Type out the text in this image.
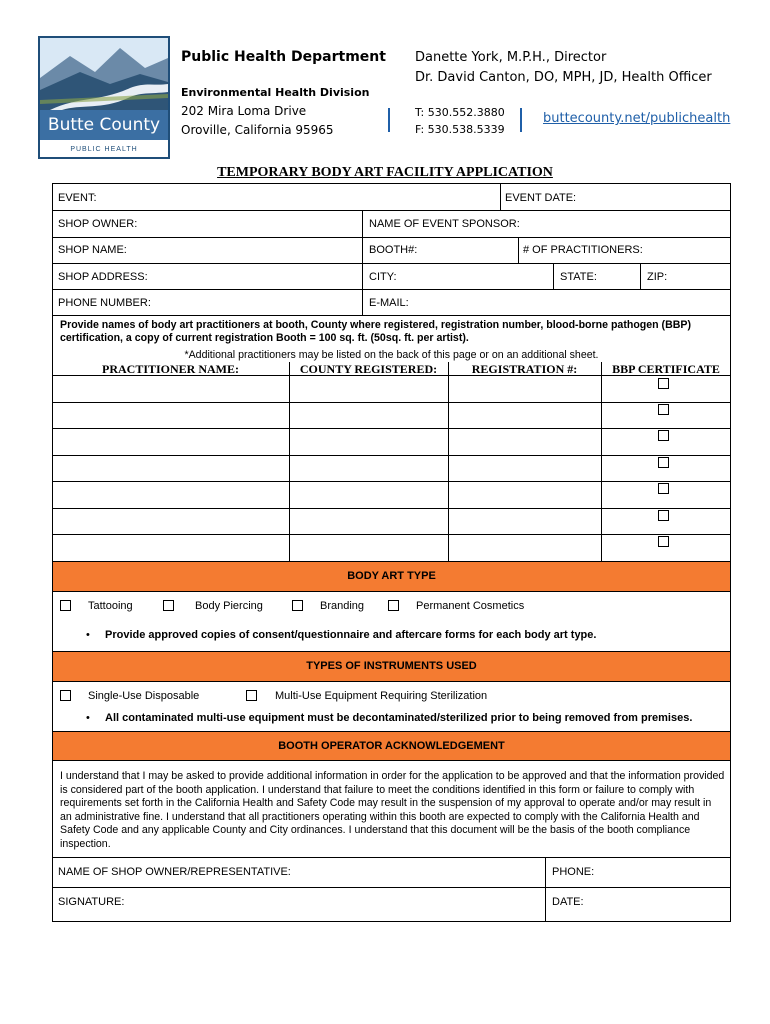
Butte County
PUBLIC HEALTH
Public Health Department
Environmental Health Division
202 Mira Loma Drive
Oroville, California 95965
Danette York, M.P.H., Director
Dr. David Canton, DO, MPH, JD, Health Officer
T: 530.552.3880
F: 530.538.5339
buttecounty.net/publichealth
TEMPORARY BODY ART FACILITY APPLICATION
EVENT:	EVENT DATE:
SHOP OWNER:	NAME OF EVENT SPONSOR:
SHOP NAME:	BOOTH#:	# OF PRACTITIONERS:
SHOP ADDRESS:	CITY:	STATE:	ZIP:
PHONE NUMBER:	E-MAIL:
Provide names of body art practitioners at booth, County where registered, registration number, blood-borne pathogen (BBP) certification, a copy of current registration Booth = 100 sq. ft. (50sq. ft. per artist).
*Additional practitioners may be listed on the back of this page or on an additional sheet.
PRACTITIONER NAME:	COUNTY REGISTERED:	REGISTRATION #:	BBP CERTIFICATE
BODY ART TYPE
Tattooing	Body Piercing	Branding	Permanent Cosmetics
• Provide approved copies of consent/questionnaire and aftercare forms for each body art type.
TYPES OF INSTRUMENTS USED
Single-Use Disposable	Multi-Use Equipment Requiring Sterilization
• All contaminated multi-use equipment must be decontaminated/sterilized prior to being removed from premises.
BOOTH OPERATOR ACKNOWLEDGEMENT
I understand that I may be asked to provide additional information in order for the application to be approved and that the information provided is considered part of the booth application. I understand that failure to meet the conditions identified in this form or failure to comply with requirements set forth in the California Health and Safety Code may result in the suspension of my approval to operate and/or may result in an administrative fine. I understand that all practitioners operating within this booth are expected to comply with the California Health and Safety Code and any applicable County and City ordinances. I understand that this document will be the basis of the booth compliance inspection.
NAME OF SHOP OWNER/REPRESENTATIVE:	PHONE:
SIGNATURE:	DATE:
